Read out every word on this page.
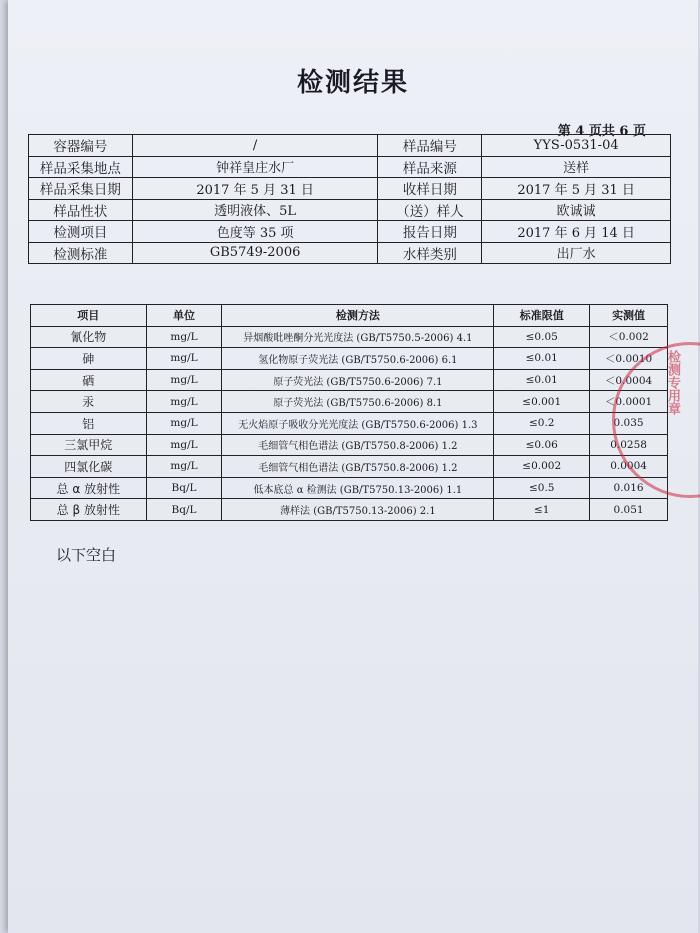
检测结果
第 4 页共 6 页
容器编号	/	样品编号	YYS-0531-04
样品采集地点	钟祥皇庄水厂	样品来源	送样
样品采集日期	2017 年 5 月 31 日	收样日期	2017 年 5 月 31 日
样品性状	透明液体、5L	（送）样人	欧诚诚
检测项目	色度等 35 项	报告日期	2017 年 6 月 14 日
检测标准	GB5749-2006	水样类别	出厂水
项目	单位	检测方法	标准限值	实测值
氰化物	mg/L	异烟酸吡唑酮分光光度法 (GB/T5750.5-2006) 4.1	≤0.05	＜0.002
砷	mg/L	氢化物原子荧光法 (GB/T5750.6-2006) 6.1	≤0.01	＜0.0010
硒	mg/L	原子荧光法 (GB/T5750.6-2006) 7.1	≤0.01	＜0.0004
汞	mg/L	原子荧光法 (GB/T5750.6-2006) 8.1	≤0.001	＜0.0001
铝	mg/L	无火焰原子吸收分光光度法 (GB/T5750.6-2006) 1.3	≤0.2	0.035
三氯甲烷	mg/L	毛细管气相色谱法 (GB/T5750.8-2006) 1.2	≤0.06	0.0258
四氯化碳	mg/L	毛细管气相色谱法 (GB/T5750.8-2006) 1.2	≤0.002	0.0004
总 α 放射性	Bq/L	低本底总 α 检测法 (GB/T5750.13-2006) 1.1	≤0.5	0.016
总 β 放射性	Bq/L	薄样法 (GB/T5750.13-2006) 2.1	≤1	0.051
以下空白
检测专用章
